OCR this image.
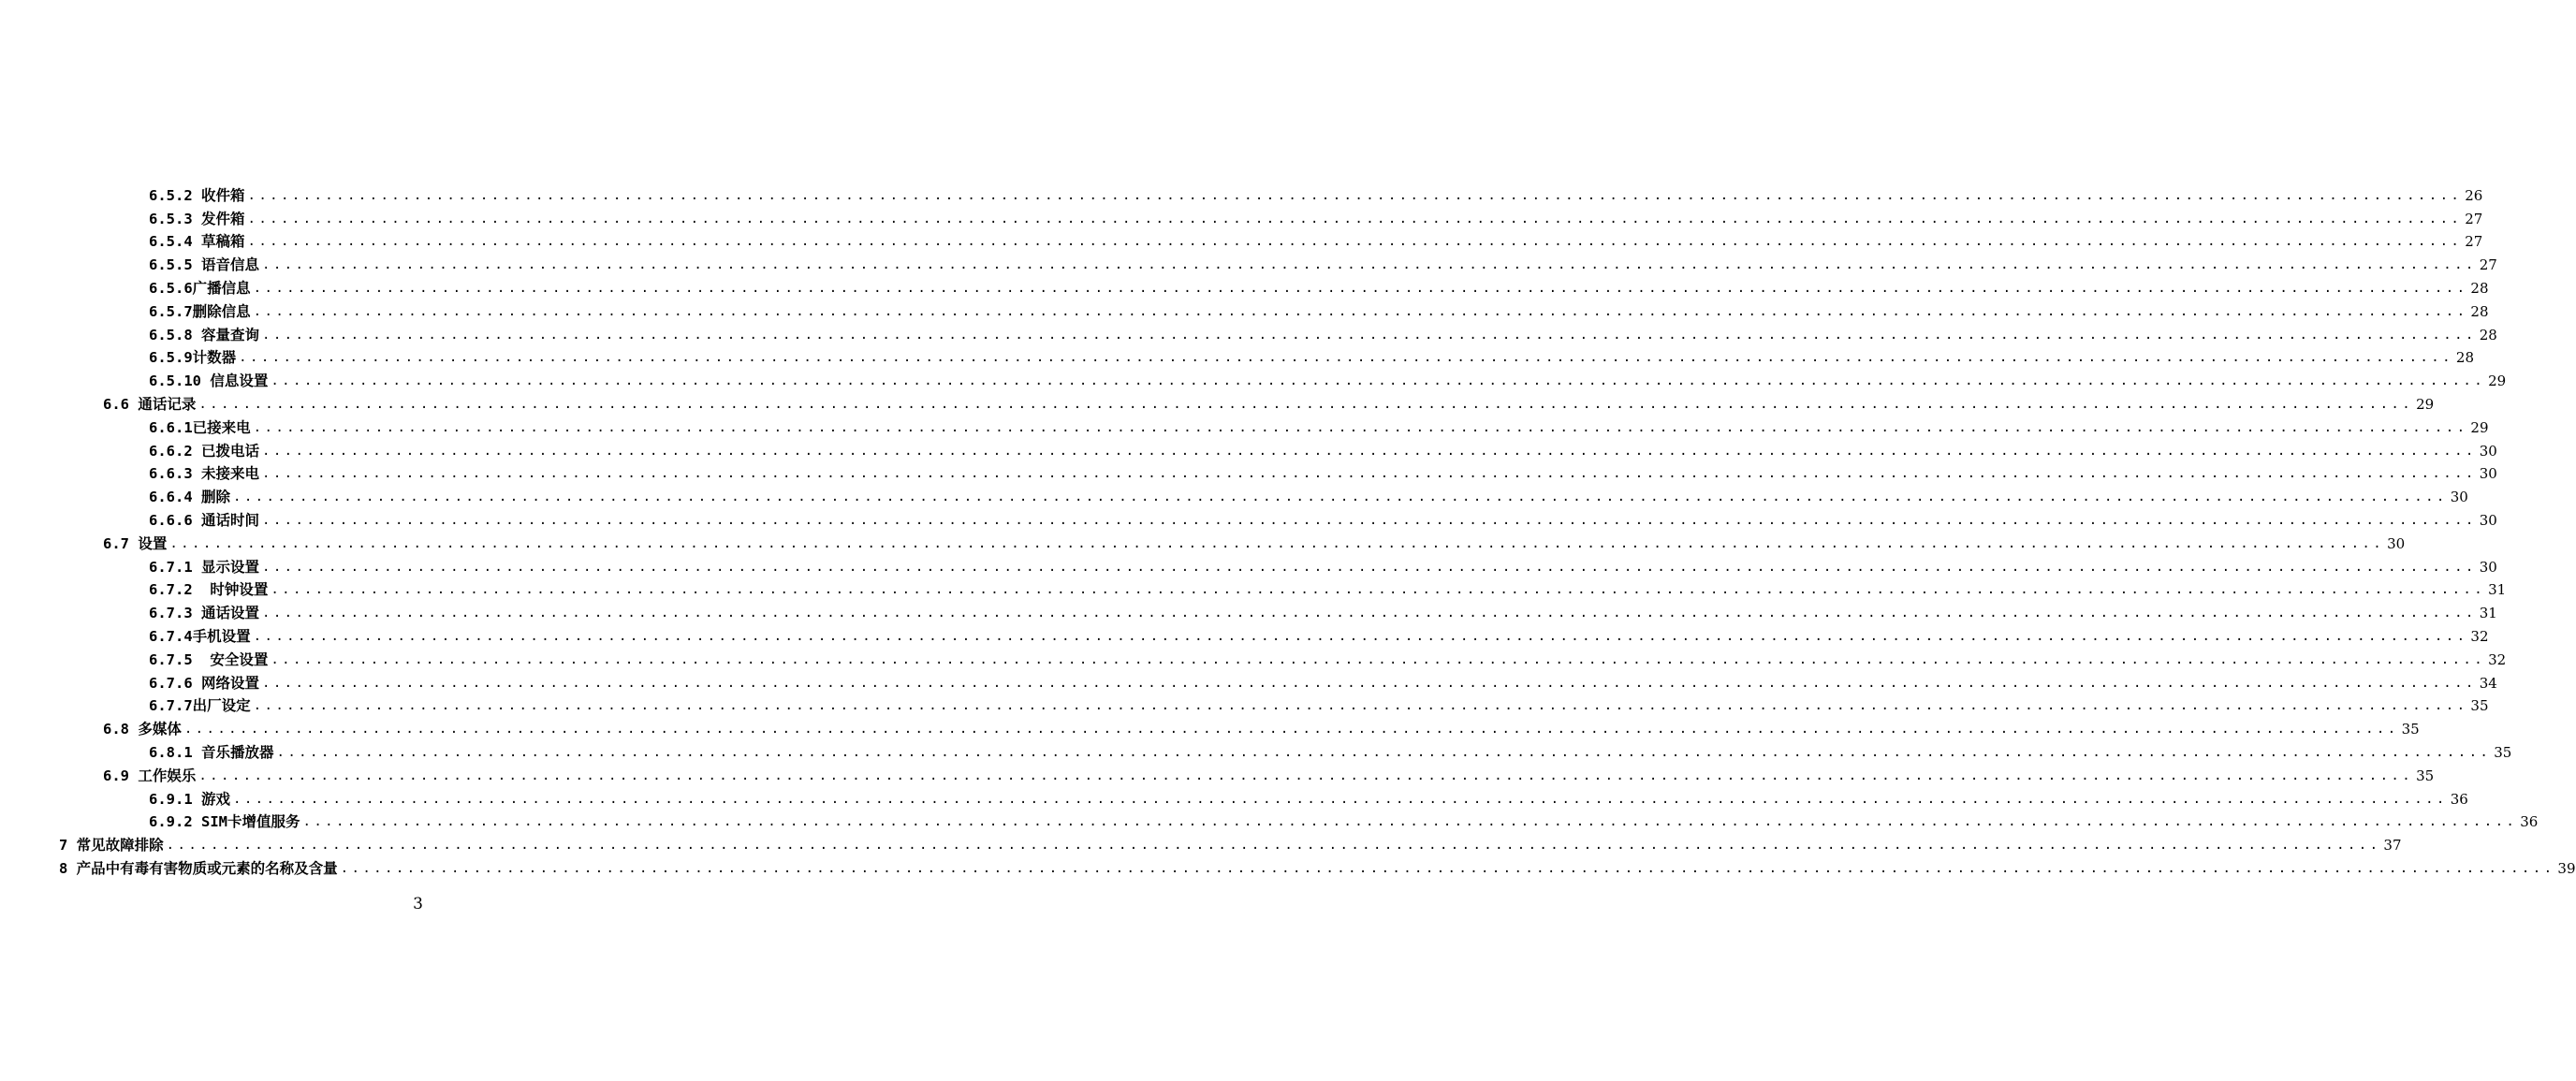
6.5.2 收件箱 ........................................................................................................................................................................................................ 26
6.5.3 发件箱 ........................................................................................................................................................................................................ 27
6.5.4 草稿箱 ........................................................................................................................................................................................................ 27
6.5.5 语音信息 ........................................................................................................................................................................................................ 27
6.5.6广播信息 ........................................................................................................................................................................................................ 28
6.5.7删除信息 ........................................................................................................................................................................................................ 28
6.5.8 容量查询 ........................................................................................................................................................................................................ 28
6.5.9计数器 ........................................................................................................................................................................................................ 28
6.5.10 信息设置 ........................................................................................................................................................................................................ 29
6.6 通话记录 ........................................................................................................................................................................................................ 29
6.6.1已接来电 ........................................................................................................................................................................................................ 29
6.6.2 已拨电话 ........................................................................................................................................................................................................ 30
6.6.3 未接来电 ........................................................................................................................................................................................................ 30
6.6.4 删除 ........................................................................................................................................................................................................ 30
6.6.6 通话时间 ........................................................................................................................................................................................................ 30
6.7 设置 ........................................................................................................................................................................................................ 30
6.7.1 显示设置 ........................................................................................................................................................................................................ 30
6.7.2  时钟设置 ........................................................................................................................................................................................................ 31
6.7.3 通话设置 ........................................................................................................................................................................................................ 31
6.7.4手机设置 ........................................................................................................................................................................................................ 32
6.7.5  安全设置 ........................................................................................................................................................................................................ 32
6.7.6 网络设置 ........................................................................................................................................................................................................ 34
6.7.7出厂设定 ........................................................................................................................................................................................................ 35
6.8 多媒体 ........................................................................................................................................................................................................ 35
6.8.1 音乐播放器 ........................................................................................................................................................................................................ 35
6.9 工作娱乐 ........................................................................................................................................................................................................ 35
6.9.1 游戏 ........................................................................................................................................................................................................ 36
6.9.2 SIM卡增值服务 ........................................................................................................................................................................................................ 36
7 常见故障排除 ........................................................................................................................................................................................................ 37
8 产品中有毒有害物质或元素的名称及含量 ........................................................................................................................................................................................................ 39
3
